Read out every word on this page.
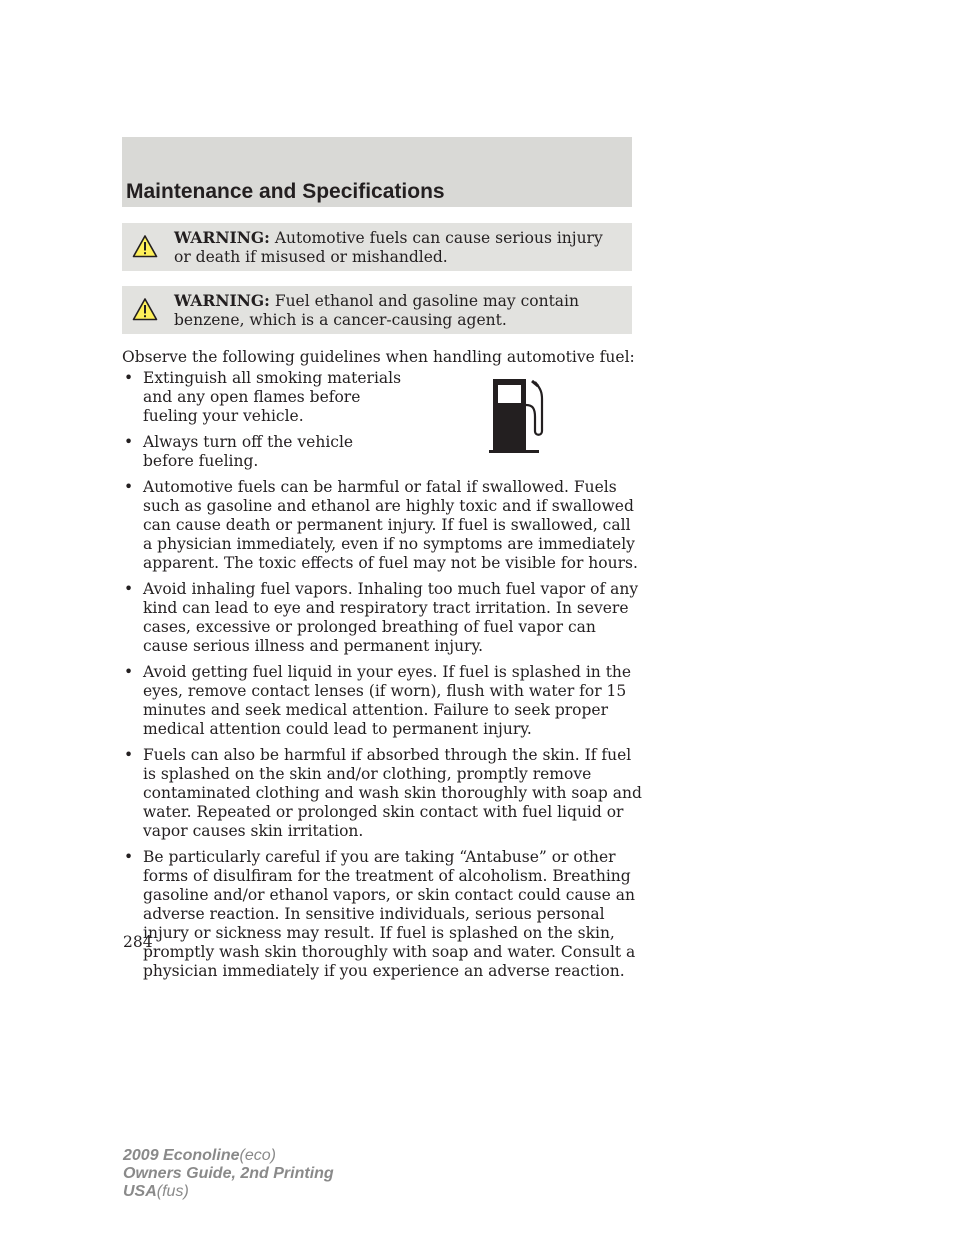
Maintenance and Specifications
WARNING: Automotive fuels can cause serious injury or death if misused or mishandled.
WARNING: Fuel ethanol and gasoline may contain benzene, which is a cancer-causing agent.

Observe the following guidelines when handling automotive fuel:

• Extinguish all smoking materials and any open flames before fueling your vehicle.
• Always turn off the vehicle before fueling.
• Automotive fuels can be harmful or fatal if swallowed. Fuels such as gasoline and ethanol are highly toxic and if swallowed can cause death or permanent injury. If fuel is swallowed, call a physician immediately, even if no symptoms are immediately apparent. The toxic effects of fuel may not be visible for hours.
• Avoid inhaling fuel vapors. Inhaling too much fuel vapor of any kind can lead to eye and respiratory tract irritation. In severe cases, excessive or prolonged breathing of fuel vapor can cause serious illness and permanent injury.
• Avoid getting fuel liquid in your eyes. If fuel is splashed in the eyes, remove contact lenses (if worn), flush with water for 15 minutes and seek medical attention. Failure to seek proper medical attention could lead to permanent injury.
• Fuels can also be harmful if absorbed through the skin. If fuel is splashed on the skin and/or clothing, promptly remove contaminated clothing and wash skin thoroughly with soap and water. Repeated or prolonged skin contact with fuel liquid or vapor causes skin irritation.
• Be particularly careful if you are taking “Antabuse” or other forms of disulfiram for the treatment of alcoholism. Breathing gasoline and/or ethanol vapors, or skin contact could cause an adverse reaction. In sensitive individuals, serious personal injury or sickness may result. If fuel is splashed on the skin, promptly wash skin thoroughly with soap and water. Consult a physician immediately if you experience an adverse reaction.
284
2009 Econoline(eco)
Owners Guide, 2nd Printing
USA(fus)
